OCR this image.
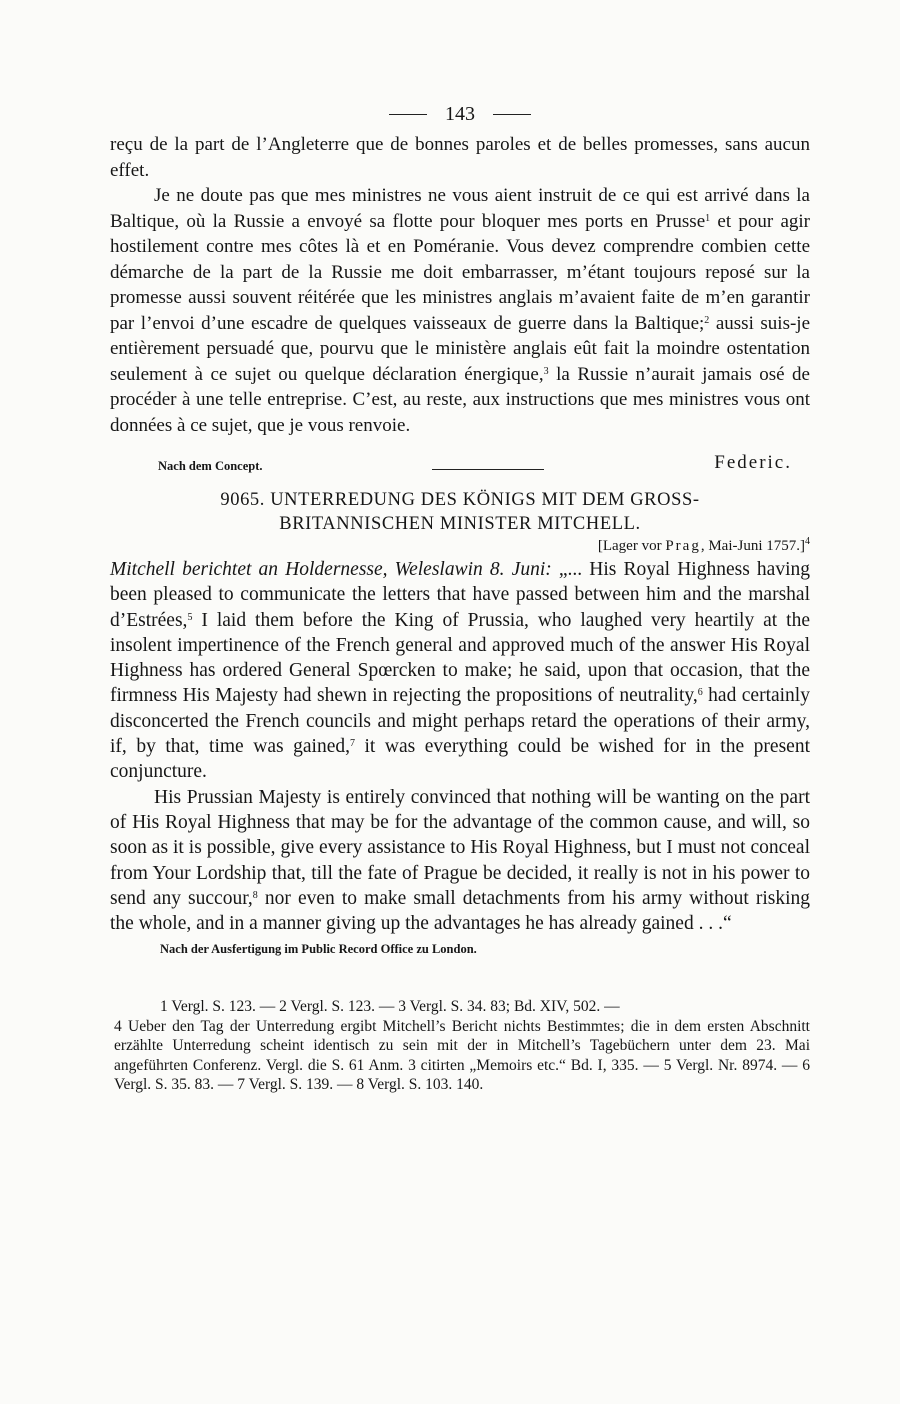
143

reçu de la part de l’Angleterre que de bonnes paroles et de belles promesses, sans aucun effet.

Je ne doute pas que mes ministres ne vous aient instruit de ce qui est arrivé dans la Baltique, où la Russie a envoyé sa flotte pour bloquer mes ports en Prusse$^1$ et pour agir hostilement contre mes côtes là et en Poméranie. Vous devez comprendre combien cette démarche de la part de la Russie me doit embarrasser, m’étant toujours reposé sur la promesse aussi souvent réitérée que les ministres anglais m’avaient faite de m’en garantir par l’envoi d’une escadre de quelques vaisseaux de guerre dans la Baltique;$^2$ aussi suis-je entièrement persuadé que, pourvu que le ministère anglais eût fait la moindre ostentation seulement à ce sujet ou quelque déclaration énergique,$^3$ la Russie n’aurait jamais osé de procéder à une telle entreprise. C’est, au reste, aux instructions que mes ministres vous ont données à ce sujet, que je vous renvoie.

Nach dem Concept.	Federic.
9065. UNTERREDUNG DES KÖNIGS MIT DEM GROSS-
BRITANNISCHEN MINISTER MITCHELL.
[Lager vor Prag, Mai-Juni 1757.]$^4$

Mitchell berichtet an Holdernesse, Weleslawin 8. Juni: „... His Royal Highness having been pleased to communicate the letters that have passed between him and the marshal d’Estrées,$^5$ I laid them before the King of Prussia, who laughed very heartily at the insolent impertinence of the French general and approved much of the answer His Royal Highness has ordered General Spœrcken to make; he said, upon that occasion, that the firmness His Majesty had shewn in rejecting the propositions of neutrality,$^6$ had certainly disconcerted the French councils and might perhaps retard the operations of their army, if, by that, time was gained,$^7$ it was everything could be wished for in the present conjuncture.

His Prussian Majesty is entirely convinced that nothing will be wanting on the part of His Royal Highness that may be for the advantage of the common cause, and will, so soon as it is possible, give every assistance to His Royal Highness, but I must not conceal from Your Lordship that, till the fate of Prague be decided, it really is not in his power to send any succour,$^8$ nor even to make small detachments from his army without risking the whole, and in a manner giving up the advantages he has already gained . . .“

Nach der Ausfertigung im Public Record Office zu London.

1 Vergl. S. 123. — 2 Vergl. S. 123. — 3 Vergl. S. 34. 83; Bd. XIV, 502. —

4 Ueber den Tag der Unterredung ergibt Mitchell’s Bericht nichts Bestimmtes; die in dem ersten Abschnitt erzählte Unterredung scheint identisch zu sein mit der in Mitchell’s Tagebüchern unter dem 23. Mai angeführten Conferenz. Vergl. die S. 61 Anm. 3 citirten „Memoirs etc.“ Bd. I, 335. — 5 Vergl. Nr. 8974. — 6 Vergl. S. 35. 83. — 7 Vergl. S. 139. — 8 Vergl. S. 103. 140.
